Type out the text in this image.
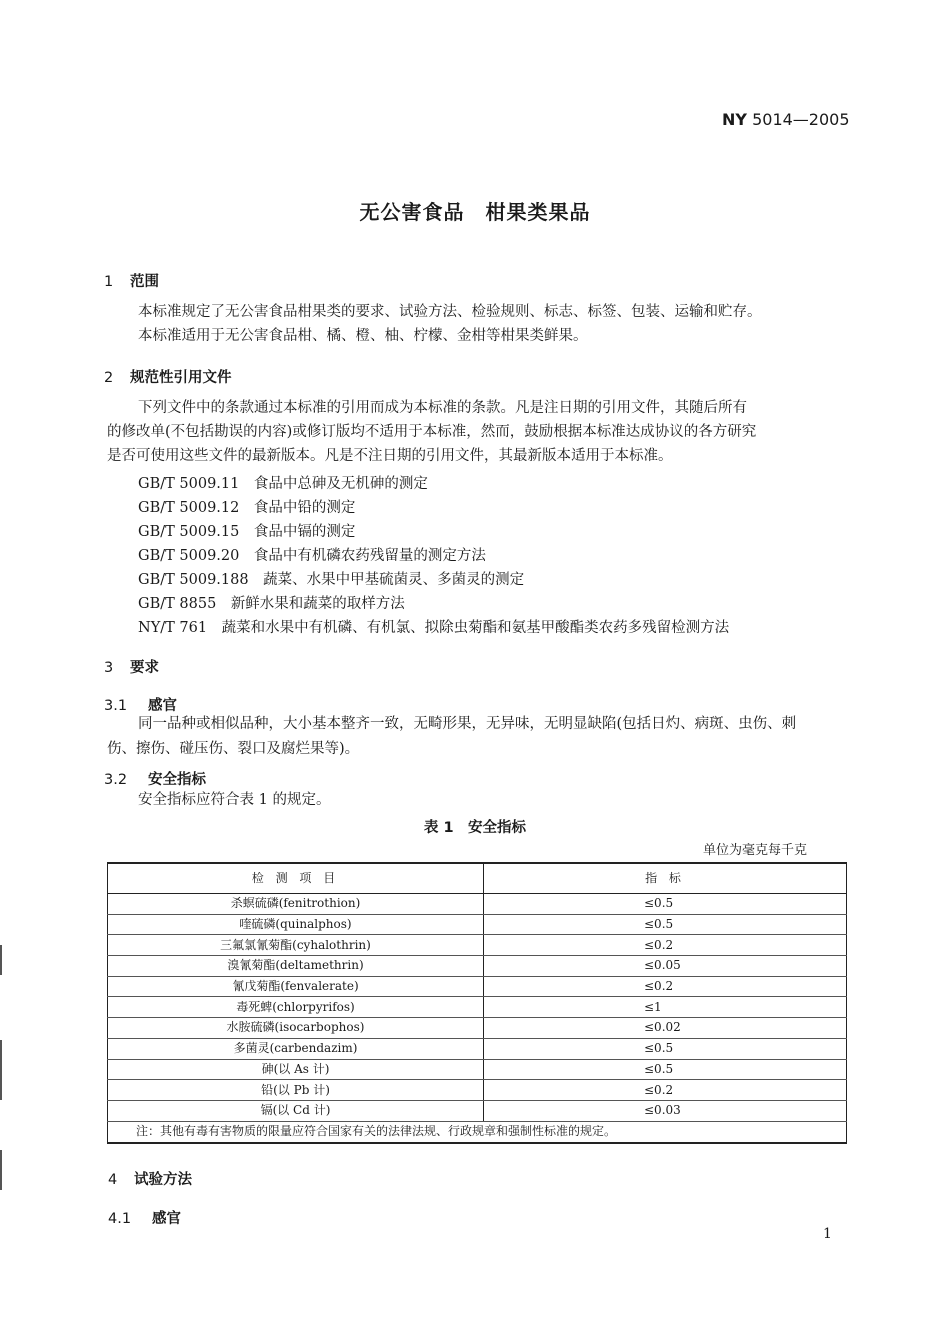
NY 5014—2005
无公害食品　柑果类果品
1 范围
本标准规定了无公害食品柑果类的要求、试验方法、检验规则、标志、标签、包装、运输和贮存。
本标准适用于无公害食品柑、橘、橙、柚、柠檬、金柑等柑果类鲜果。
2 规范性引用文件
下列文件中的条款通过本标准的引用而成为本标准的条款。凡是注日期的引用文件，其随后所有
的修改单(不包括勘误的内容)或修订版均不适用于本标准，然而，鼓励根据本标准达成协议的各方研究
是否可使用这些文件的最新版本。凡是不注日期的引用文件，其最新版本适用于本标准。
GB/T 5009.11　食品中总砷及无机砷的测定
GB/T 5009.12　食品中铅的测定
GB/T 5009.15　食品中镉的测定
GB/T 5009.20　食品中有机磷农药残留量的测定方法
GB/T 5009.188　蔬菜、水果中甲基硫菌灵、多菌灵的测定
GB/T 8855　新鲜水果和蔬菜的取样方法
NY/T 761　蔬菜和水果中有机磷、有机氯、拟除虫菊酯和氨基甲酸酯类农药多残留检测方法
3 要求
3.1 感官
同一品种或相似品种，大小基本整齐一致，无畸形果，无异味，无明显缺陷(包括日灼、病斑、虫伤、刺
伤、擦伤、碰压伤、裂口及腐烂果等)。
3.2 安全指标
安全指标应符合表 1 的规定。
表 1　安全指标
单位为毫克每千克
检 测 项 目	指 标
杀螟硫磷(fenitrothion)	≤0.5
喹硫磷(quinalphos)	≤0.5
三氟氯氰菊酯(cyhalothrin)	≤0.2
溴氰菊酯(deltamethrin)	≤0.05
氰戊菊酯(fenvalerate)	≤0.2
毒死蜱(chlorpyrifos)	≤1
水胺硫磷(isocarbophos)	≤0.02
多菌灵(carbendazim)	≤0.5
砷(以 As 计)	≤0.5
铅(以 Pb 计)	≤0.2
镉(以 Cd 计)	≤0.03
注：其他有毒有害物质的限量应符合国家有关的法律法规、行政规章和强制性标准的规定。	
4 试验方法
4.1 感官
1
